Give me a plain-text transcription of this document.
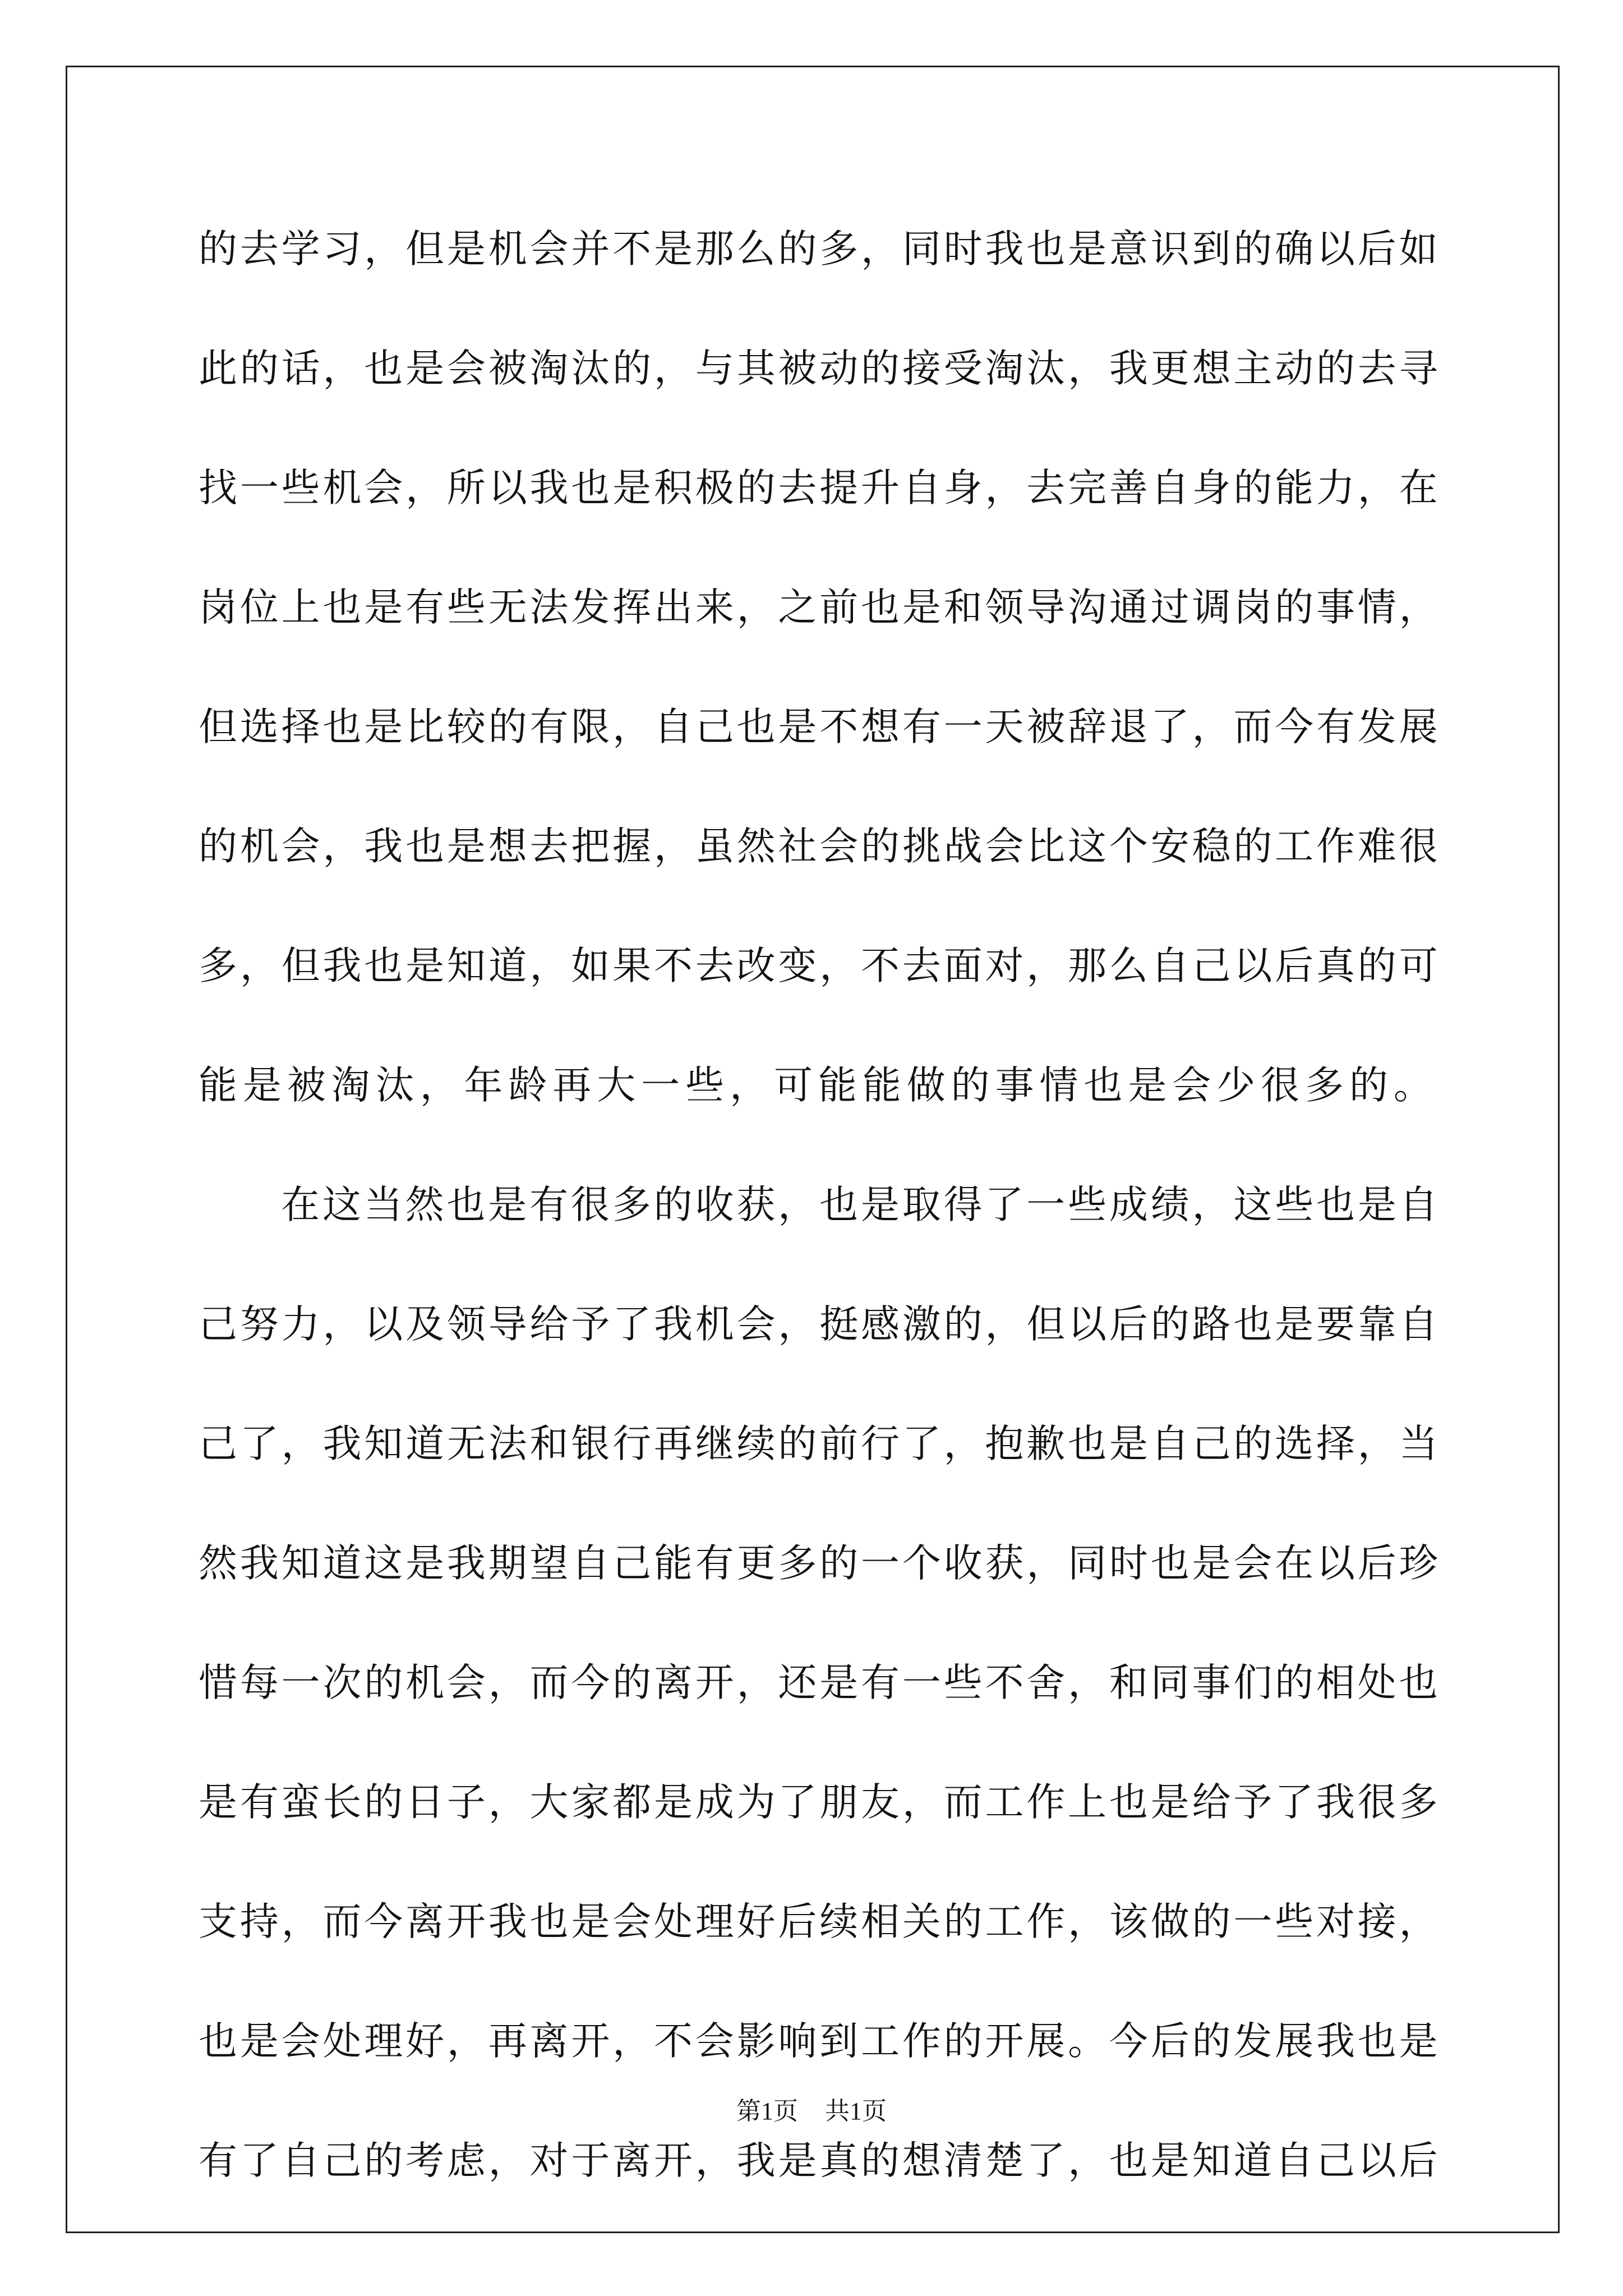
的 去 学 习 ， 但 是 机 会 并 不 是 那 么 的 多 ， 同 时 我 也 是 意 识 到 的 确 以 后 如
此 的 话 ， 也 是 会 被 淘 汰 的 ， 与 其 被 动 的 接 受 淘 汰 ， 我 更 想 主 动 的 去 寻
找 一 些 机 会 ， 所 以 我 也 是 积 极 的 去 提 升 自 身 ， 去 完 善 自 身 的 能 力 ， 在
岗 位 上 也 是 有 些 无 法 发 挥 出 来 ， 之 前 也 是 和 领 导 沟 通 过 调 岗 的 事 情 ，
但 选 择 也 是 比 较 的 有 限 ， 自 己 也 是 不 想 有 一 天 被 辞 退 了 ， 而 今 有 发 展
的 机 会 ， 我 也 是 想 去 把 握 ， 虽 然 社 会 的 挑 战 会 比 这 个 安 稳 的 工 作 难 很
多 ， 但 我 也 是 知 道 ， 如 果 不 去 改 变 ， 不 去 面 对 ， 那 么 自 己 以 后 真 的 可
能 是 被 淘 汰 ， 年 龄 再 大 一 些 ， 可 能 能 做 的 事 情 也 是 会 少 很 多 的 。
在 这 当 然 也 是 有 很 多 的 收 获 ， 也 是 取 得 了 一 些 成 绩 ， 这 些 也 是 自
己 努 力 ， 以 及 领 导 给 予 了 我 机 会 ， 挺 感 激 的 ， 但 以 后 的 路 也 是 要 靠 自
己 了 ， 我 知 道 无 法 和 银 行 再 继 续 的 前 行 了 ， 抱 歉 也 是 自 己 的 选 择 ， 当
然 我 知 道 这 是 我 期 望 自 己 能 有 更 多 的 一 个 收 获 ， 同 时 也 是 会 在 以 后 珍
惜 每 一 次 的 机 会 ， 而 今 的 离 开 ， 还 是 有 一 些 不 舍 ， 和 同 事 们 的 相 处 也
是 有 蛮 长 的 日 子 ， 大 家 都 是 成 为 了 朋 友 ， 而 工 作 上 也 是 给 予 了 我 很 多
支 持 ， 而 今 离 开 我 也 是 会 处 理 好 后 续 相 关 的 工 作 ， 该 做 的 一 些 对 接 ，
也 是 会 处 理 好 ， 再 离 开 ， 不 会 影 响 到 工 作 的 开 展 。 今 后 的 发 展 我 也 是
有 了 自 己 的 考 虑 ， 对 于 离 开 ， 我 是 真 的 想 清 楚 了 ， 也 是 知 道 自 己 以 后
第1页 共1页
